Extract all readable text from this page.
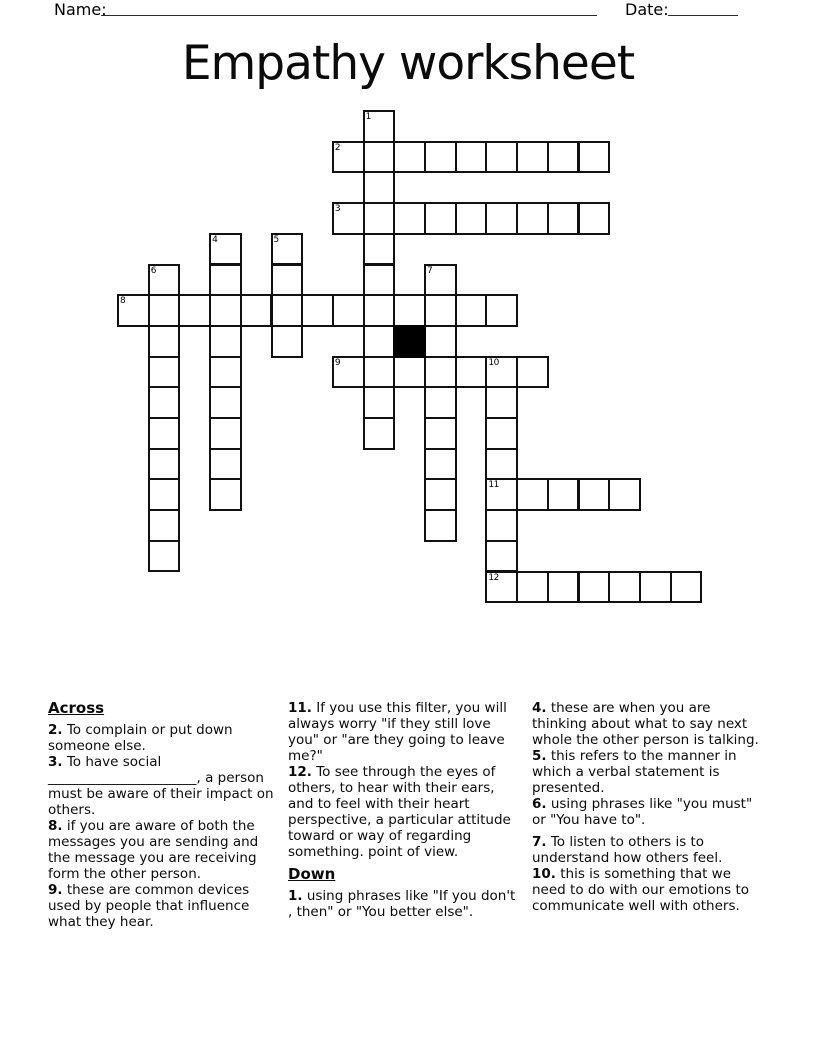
Name:	Date:
Empathy worksheet
1
2
3
4	5
6	7
8
9	10
11
12
Across
2. To complain or put down someone else.
3. To have social ______________________, a person must be aware of their impact on others.
8. if you are aware of both the messages you are sending and the message you are receiving form the other person.
9. these are common devices used by people that influence what they hear.
11. If you use this filter, you will always worry "if they still love you" or "are they going to leave me?"
12. To see through the eyes of others, to hear with their ears, and to feel with their heart perspective, a particular attitude toward or way of regarding something. point of view.
Down
1. using phrases like "If you don't , then" or "You better else".
4. these are when you are thinking about what to say next whole the other person is talking.
5. this refers to the manner in which a verbal statement is presented.
6. using phrases like "you must" or "You have to".
7. To listen to others is to understand how others feel.
10. this is something that we need to do with our emotions to communicate well with others.
